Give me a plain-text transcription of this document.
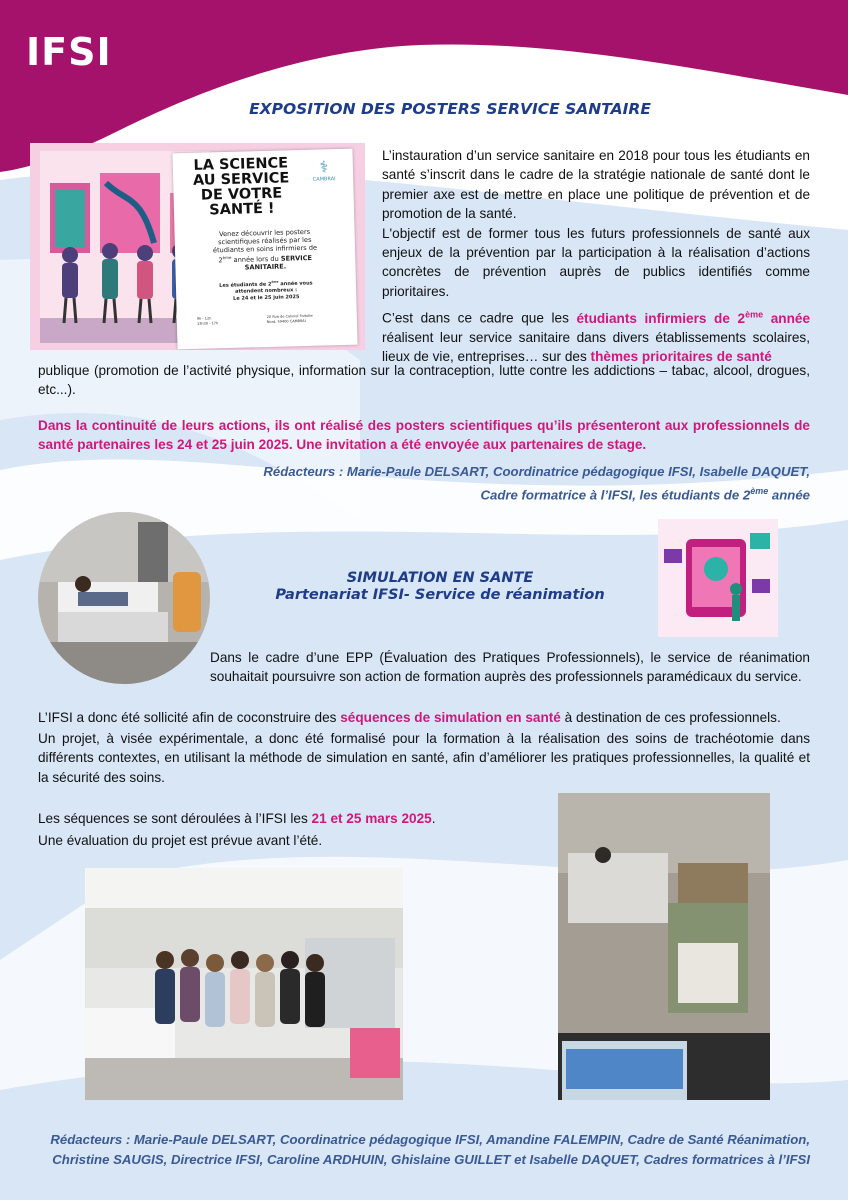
IFSI
EXPOSITION DES POSTERS SERVICE SANTAIRE
LA SCIENCE
AU SERVICE
DE VOTRE
SANTÉ !
⚕
CAMBRAI
Venez découvrir les posters
scientifiques réalisés par les
étudiants en soins infirmiers de
2ème année lors du SERVICE
SANITAIRE.
Les étudiants de 2ème année vous
attendent nombreux :
Le 24 et le 25 juin 2025
9h - 12h
13h30 - 17h
20 Rue de Caliniel Fortelle
Nord, 59400 CAMBRAI

L’instauration d’un service sanitaire en 2018 pour tous les étudiants en santé s’inscrit dans le cadre de la stratégie nationale de santé dont le premier axe est de mettre en place une politique de prévention et de promotion de la santé.

L'objectif est de former tous les futurs professionnels de santé aux enjeux de la prévention par la participation à la réalisation d’actions concrètes de prévention auprès de publics identifiés comme prioritaires.

C’est dans ce cadre que les étudiants infirmiers de 2ème année réalisent leur service sanitaire dans divers établissements scolaires, lieux de vie, entreprises… sur des thèmes prioritaires de santé
publique (promotion de l’activité physique, information sur la contraception, lutte contre les addictions – tabac, alcool, drogues, etc...).
Dans la continuité de leurs actions, ils ont réalisé des posters scientifiques qu’ils présenteront aux professionnels de santé partenaires les 24 et 25 juin 2025. Une invitation a été envoyée aux partenaires de stage.
Rédacteurs : Marie-Paule DELSART, Coordinatrice pédagogique IFSI, Isabelle DAQUET,
Cadre formatrice à l’IFSI, les étudiants de 2ème année
SIMULATION EN SANTE
Partenariat IFSI- Service de réanimation
Dans le cadre d’une EPP (Évaluation des Pratiques Professionnels), le service de réanimation souhaitait poursuivre son action de formation auprès des professionnels paramédicaux du service.
L’IFSI a donc été sollicité afin de coconstruire des séquences de simulation en santé à destination de ces professionnels.
Un projet, à visée expérimentale, a donc été formalisé pour la formation à la réalisation des soins de trachéotomie dans différents contextes, en utilisant la méthode de simulation en santé, afin d’améliorer les pratiques professionnelles, la qualité et la sécurité des soins.
Les séquences se sont déroulées à l’IFSI les 21 et 25 mars 2025.
Une évaluation du projet est prévue avant l’été.
Rédacteurs : Marie-Paule DELSART, Coordinatrice pédagogique IFSI, Amandine FALEMPIN, Cadre de Santé Réanimation,
Christine SAUGIS, Directrice IFSI, Caroline ARDHUIN, Ghislaine GUILLET et Isabelle DAQUET, Cadres formatrices à l’IFSI
